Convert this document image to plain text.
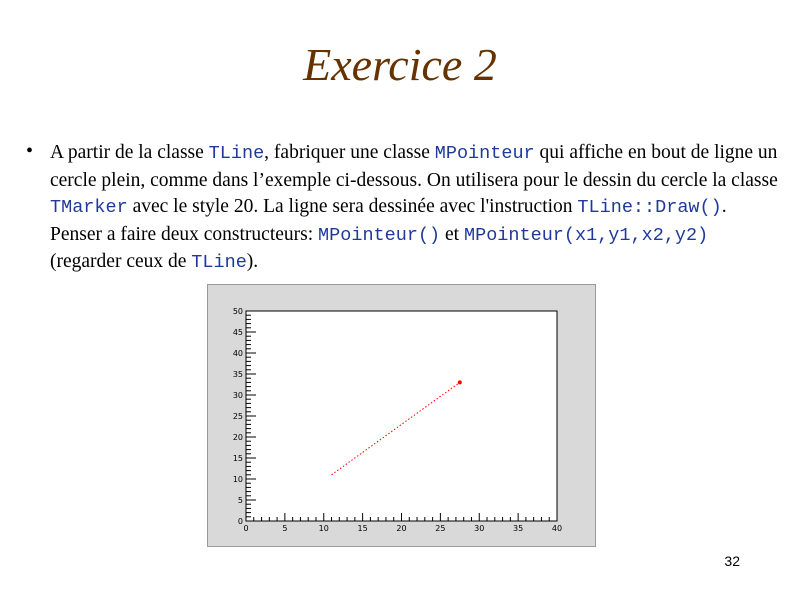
Exercice 2
• A partir de la classe TLine, fabriquer une classe MPointeur qui affiche en bout de ligne un cercle plein, comme dans l’exemple ci-dessous. On utilisera pour le dessin du cercle la classe TMarker avec le style 20. La ligne sera dessinée avec l'instruction TLine::Draw(). Penser a faire deux constructeurs: MPointeur() et MPointeur(x1,y1,x2,y2) (regarder ceux de TLine).
0	5	10	15	20	25	30	35	40
0
5
10
15
20
25
30
35
40
45
50
32
